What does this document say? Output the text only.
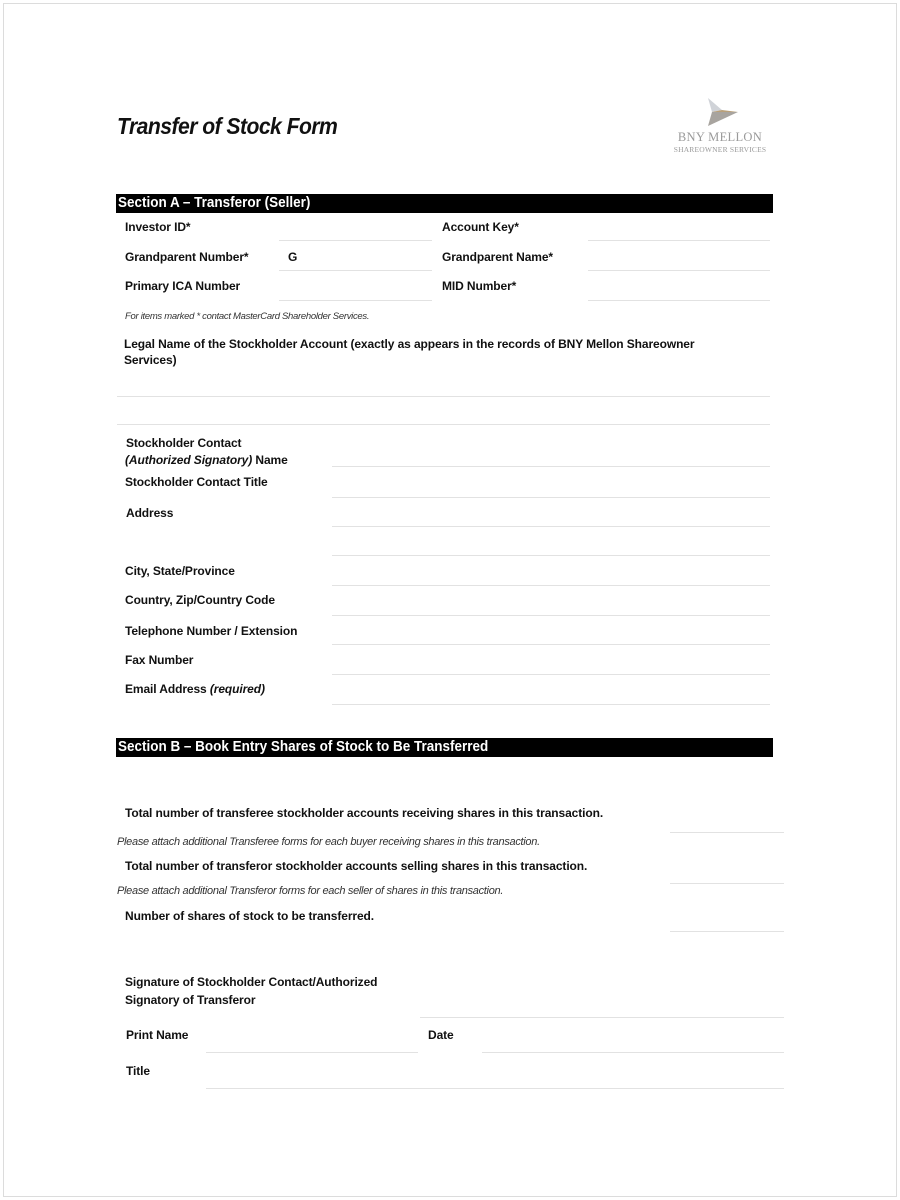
Transfer of Stock Form	BNY MELLON
SHAREOWNER SERVICES
Section A – Transferor (Seller)
Investor ID*	Account Key*
Grandparent Number*	G	Grandparent Name*
Primary ICA Number	MID Number*
For items marked * contact MasterCard Shareholder Services.
Legal Name of the Stockholder Account (exactly as appears in the records of BNY Mellon Shareowner
Services)
Stockholder Contact
(Authorized Signatory) Name
Stockholder Contact Title
Address
City, State/Province
Country, Zip/Country Code
Telephone Number / Extension
Fax Number
Email Address (required)
Section B – Book Entry Shares of Stock to Be Transferred
Total number of transferee stockholder accounts receiving shares in this transaction.
Please attach additional Transferee forms for each buyer receiving shares in this transaction.
Total number of transferor stockholder accounts selling shares in this transaction.
Please attach additional Transferor forms for each seller of shares in this transaction.
Number of shares of stock to be transferred.
Signature of Stockholder Contact/Authorized
Signatory of Transferor
Print Name	Date
Title
